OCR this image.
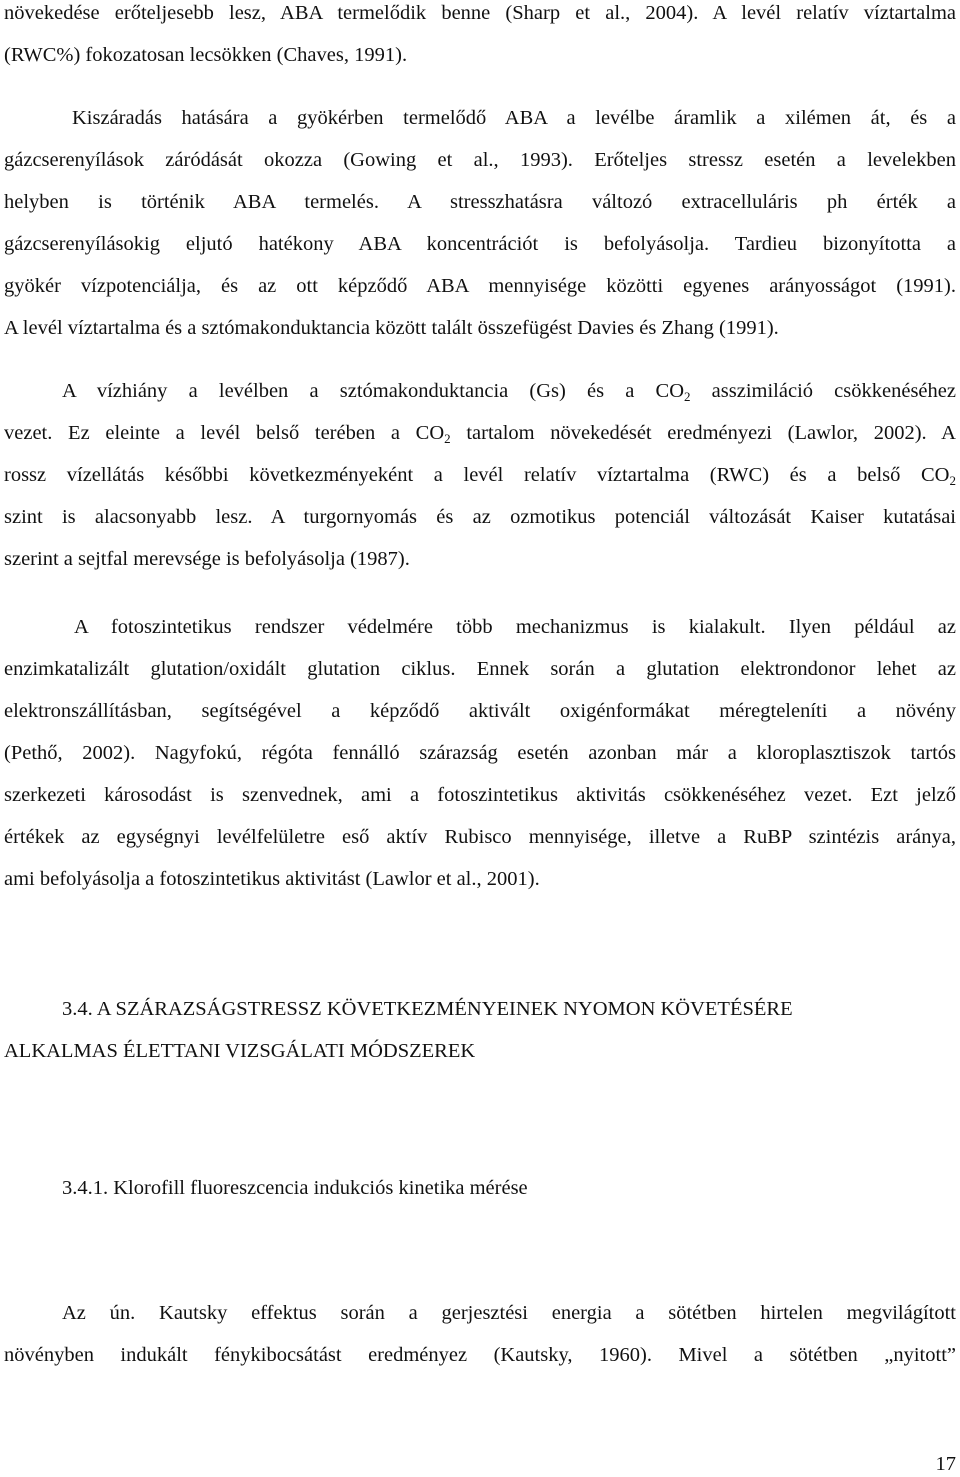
növekedése erőteljesebb lesz, ABA termelődik benne (Sharp et al., 2004). A levél relatív víztartalma
(RWC%) fokozatosan lecsökken (Chaves, 1991).
Kiszáradás hatására a gyökérben termelődő ABA a levélbe áramlik a xilémen át, és a
gázcserenyílások záródását okozza (Gowing et al., 1993). Erőteljes stressz esetén a levelekben
helyben is történik ABA termelés. A stresszhatásra változó extracelluláris ph érték a
gázcserenyílásokig eljutó hatékony ABA koncentrációt is befolyásolja. Tardieu bizonyította a
gyökér vízpotenciálja, és az ott képződő ABA mennyisége közötti egyenes arányosságot (1991).
A levél víztartalma és a sztómakonduktancia között talált összefügést Davies és Zhang (1991).
A vízhiány a levélben a sztómakonduktancia (Gs) és a $CO_2$ asszimiláció csökkenéséhez
vezet. Ez eleinte a levél belső terében a $CO_2$ tartalom növekedését eredményezi (Lawlor, 2002). A
rossz vízellátás későbbi következményeként a levél relatív víztartalma (RWC) és a belső $CO_2$
szint is alacsonyabb lesz. A turgornyomás és az ozmotikus potenciál változását Kaiser kutatásai
szerint a sejtfal merevsége is befolyásolja (1987).
A fotoszintetikus rendszer védelmére több mechanizmus is kialakult. Ilyen például az
enzimkatalizált glutation/oxidált glutation ciklus. Ennek során a glutation elektrondonor lehet az
elektronszállításban, segítségével a képződő aktivált oxigénformákat méregteleníti a növény
(Pethő, 2002). Nagyfokú, régóta fennálló szárazság esetén azonban már a kloroplasztiszok tartós
szerkezeti károsodást is szenvednek, ami a fotoszintetikus aktivitás csökkenéséhez vezet. Ezt jelző
értékek az egységnyi levélfelületre eső aktív Rubisco mennyisége, illetve a RuBP szintézis aránya,
ami befolyásolja a fotoszintetikus aktivitást (Lawlor et al., 2001).
3.4. A SZÁRAZSÁGSTRESSZ KÖVETKEZMÉNYEINEK NYOMON KÖVETÉSÉRE
ALKALMAS ÉLETTANI VIZSGÁLATI MÓDSZEREK
3.4.1. Klorofill fluoreszcencia indukciós kinetika mérése
Az ún. Kautsky effektus során a gerjesztési energia a sötétben hirtelen megvilágított
növényben indukált fénykibocsátást eredményez (Kautsky, 1960). Mivel a sötétben „nyitott”
17
